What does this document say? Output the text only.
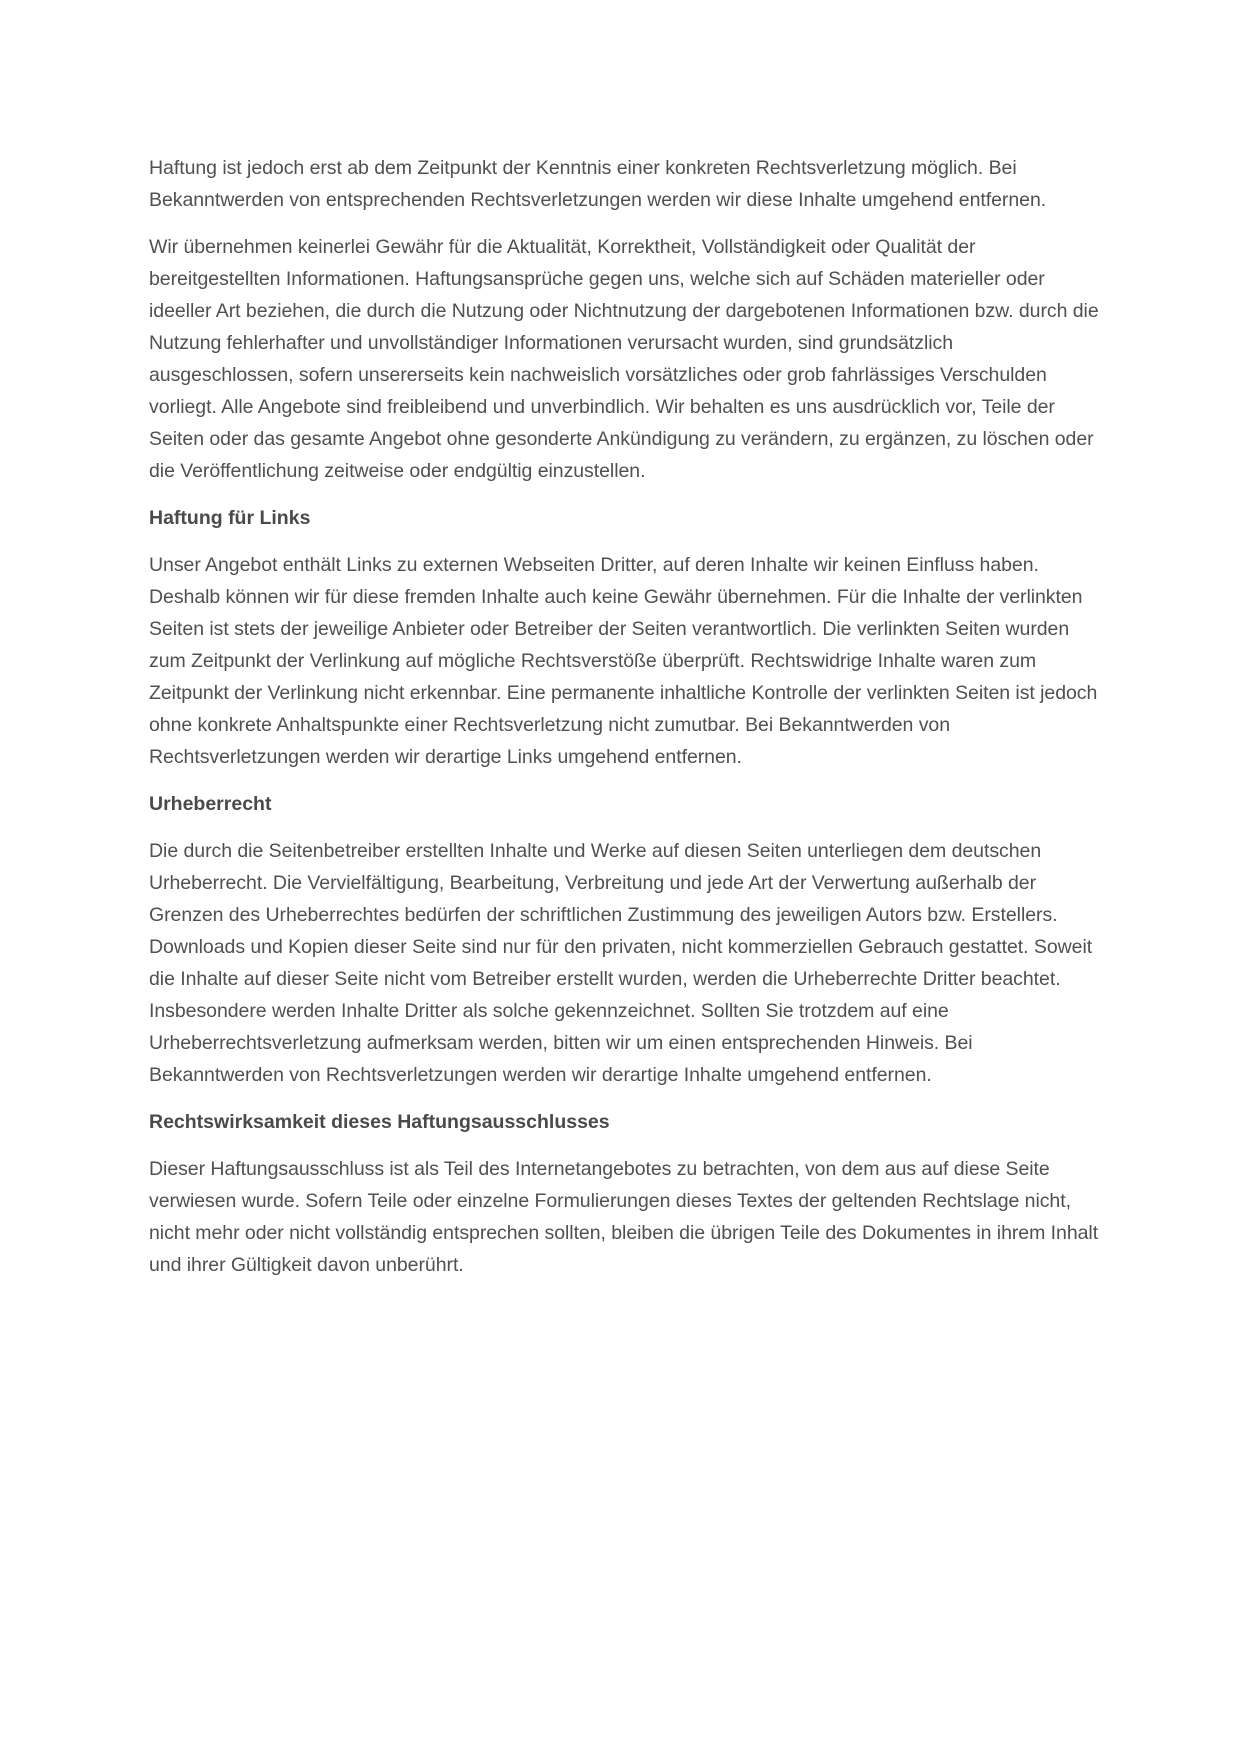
Haftung ist jedoch erst ab dem Zeitpunkt der Kenntnis einer konkreten Rechtsverletzung möglich. Bei Bekanntwerden von entsprechenden Rechtsverletzungen werden wir diese Inhalte umgehend entfernen.

Wir übernehmen keinerlei Gewähr für die Aktualität, Korrektheit, Vollständigkeit oder Qualität der bereitgestellten Informationen. Haftungsansprüche gegen uns, welche sich auf Schäden materieller oder ideeller Art beziehen, die durch die Nutzung oder Nichtnutzung der dargebotenen Informationen bzw. durch die Nutzung fehlerhafter und unvollständiger Informationen verursacht wurden, sind grundsätzlich ausgeschlossen, sofern unsererseits kein nachweislich vorsätzliches oder grob fahrlässiges Verschulden vorliegt. Alle Angebote sind freibleibend und unverbindlich. Wir behalten es uns ausdrücklich vor, Teile der Seiten oder das gesamte Angebot ohne gesonderte Ankündigung zu verändern, zu ergänzen, zu löschen oder die Veröffentlichung zeitweise oder endgültig einzustellen.

Haftung für Links

Unser Angebot enthält Links zu externen Webseiten Dritter, auf deren Inhalte wir keinen Einfluss haben. Deshalb können wir für diese fremden Inhalte auch keine Gewähr übernehmen. Für die Inhalte der verlinkten Seiten ist stets der jeweilige Anbieter oder Betreiber der Seiten verantwortlich. Die verlinkten Seiten wurden zum Zeitpunkt der Verlinkung auf mögliche Rechtsverstöße überprüft. Rechtswidrige Inhalte waren zum Zeitpunkt der Verlinkung nicht erkennbar. Eine permanente inhaltliche Kontrolle der verlinkten Seiten ist jedoch ohne konkrete Anhaltspunkte einer Rechtsverletzung nicht zumutbar. Bei Bekanntwerden von Rechtsverletzungen werden wir derartige Links umgehend entfernen.

Urheberrecht

Die durch die Seitenbetreiber erstellten Inhalte und Werke auf diesen Seiten unterliegen dem deutschen Urheberrecht. Die Vervielfältigung, Bearbeitung, Verbreitung und jede Art der Verwertung außerhalb der Grenzen des Urheberrechtes bedürfen der schriftlichen Zustimmung des jeweiligen Autors bzw. Erstellers. Downloads und Kopien dieser Seite sind nur für den privaten, nicht kommerziellen Gebrauch gestattet. Soweit die Inhalte auf dieser Seite nicht vom Betreiber erstellt wurden, werden die Urheberrechte Dritter beachtet. Insbesondere werden Inhalte Dritter als solche gekennzeichnet. Sollten Sie trotzdem auf eine Urheberrechtsverletzung aufmerksam werden, bitten wir um einen entsprechenden Hinweis. Bei Bekanntwerden von Rechtsverletzungen werden wir derartige Inhalte umgehend entfernen.

Rechtswirksamkeit dieses Haftungsausschlusses

Dieser Haftungsausschluss ist als Teil des Internetangebotes zu betrachten, von dem aus auf diese Seite verwiesen wurde. Sofern Teile oder einzelne Formulierungen dieses Textes der geltenden Rechtslage nicht, nicht mehr oder nicht vollständig entsprechen sollten, bleiben die übrigen Teile des Dokumentes in ihrem Inhalt und ihrer Gültigkeit davon unberührt.
